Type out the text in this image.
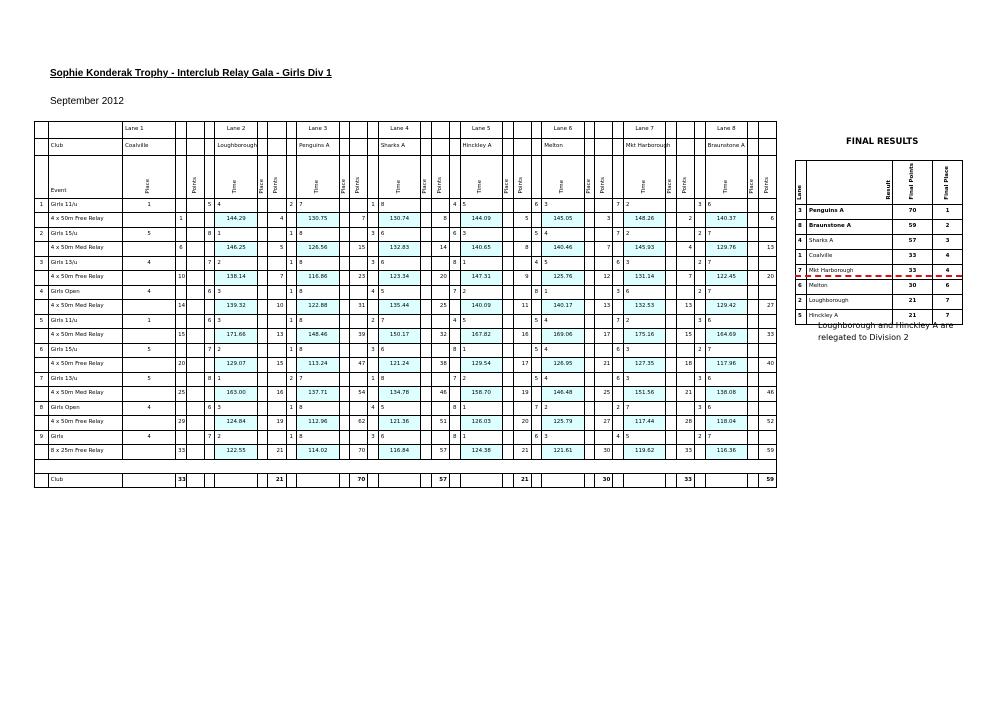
Sophie Konderak Trophy - Interclub Relay Gala - Girls Div 1
September 2012
		Lane 1				Lane 2				Lane 3				Lane 4				Lane 5				Lane 6				Lane 7				Lane 8		
	Club	Coalville				Loughborough				Penguins A				Sharks A				Hinckley A				Melton				Mkt Harborough				Braunstone A		
	Event		Place		Points		Time	Place	Points		Time	Place	Points		Time	Place	Points		Time	Place	Points		Time	Place	Points		Time	Place	Points		Time	Place	Points
1	Girls 11/u		1			5	4			2	7			1	8			4	5			6	3			7	2			3	6		
	4 x 50m Free Relay			1			144.29		4		130.75		7		130.74		8		144.09		5		145.05		3		148.26		2		140.37		6
2	Girls 15/u		5			8	1			1	8			3	6			6	3			5	4			7	2			2	7		
	4 x 50m Med Relay			6			146.25		5		126.56		15		132.83		14		140.65		8		140.46		7		145.93		4		129.76		13
3	Girls 13/u		4			7	2			1	8			3	6			8	1			4	5			6	3			2	7		
	4 x 50m Free Relay			10			138.14		7		116.86		23		123.34		20		147.31		9		125.76		12		131.14		7		122.45		20
4	Girls Open		4			6	3			1	8			4	5			7	2			8	1			3	6			2	7		
	4 x 50m Med Relay			14			139.32		10		122.88		31		135.44		25		140.09		11		140.17		13		132.53		13		129.42		27
5	Girls 11/u		1			6	3			1	8			2	7			4	5			5	4			7	2			3	6		
	4 x 50m Med Relay			15			171.66		13		148.46		39		150.17		32		167.82		16		169.06		17		175.16		15		164.69		33
6	Girls 15/u		5			7	2			1	8			3	6			8	1			5	4			6	3			2	7		
	4 x 50m Free Relay			20			129.07		15		113.24		47		121.24		38		129.54		17		126.95		21		127.35		18		117.96		40
7	Girls 13/u		5			8	1			2	7			1	8			7	2			5	4			6	3			3	6		
	4 x 50m Med Relay			25			163.00		16		137.71		54		134.78		46		158.70		19		146.48		25		151.56		21		138.08		46
8	Girls Open		4			6	3			1	8			4	5			8	1			7	2			2	7			3	6		
	4 x 50m Free Relay			29			124.84		19		112.96		62		121.36		51		126.03		20		125.79		27		117.44		28		118.04		52
9	Girls		4			7	2			1	8			3	6			8	1			6	3			4	5			2	7		
	8 x 25m Free Relay			33			122.55		21		114.02		70		116.84		57		124.38		21		121.61		30		119.62		33		116.36		59

	Club			33					21				70				57				21				30				33				59
FINAL RESULTS
Lane	Result	Final Points	Final Place
3	Penguins A	70	1
8	Braunstone A	59	2
4	Sharks A	57	3
1	Coalville	33	4
7	Mkt Harborough	33	4
6	Melton	30	6
2	Loughborough	21	7
5	Hinckley A	21	7
Loughborough and Hinckley A are relegated to Division 2
